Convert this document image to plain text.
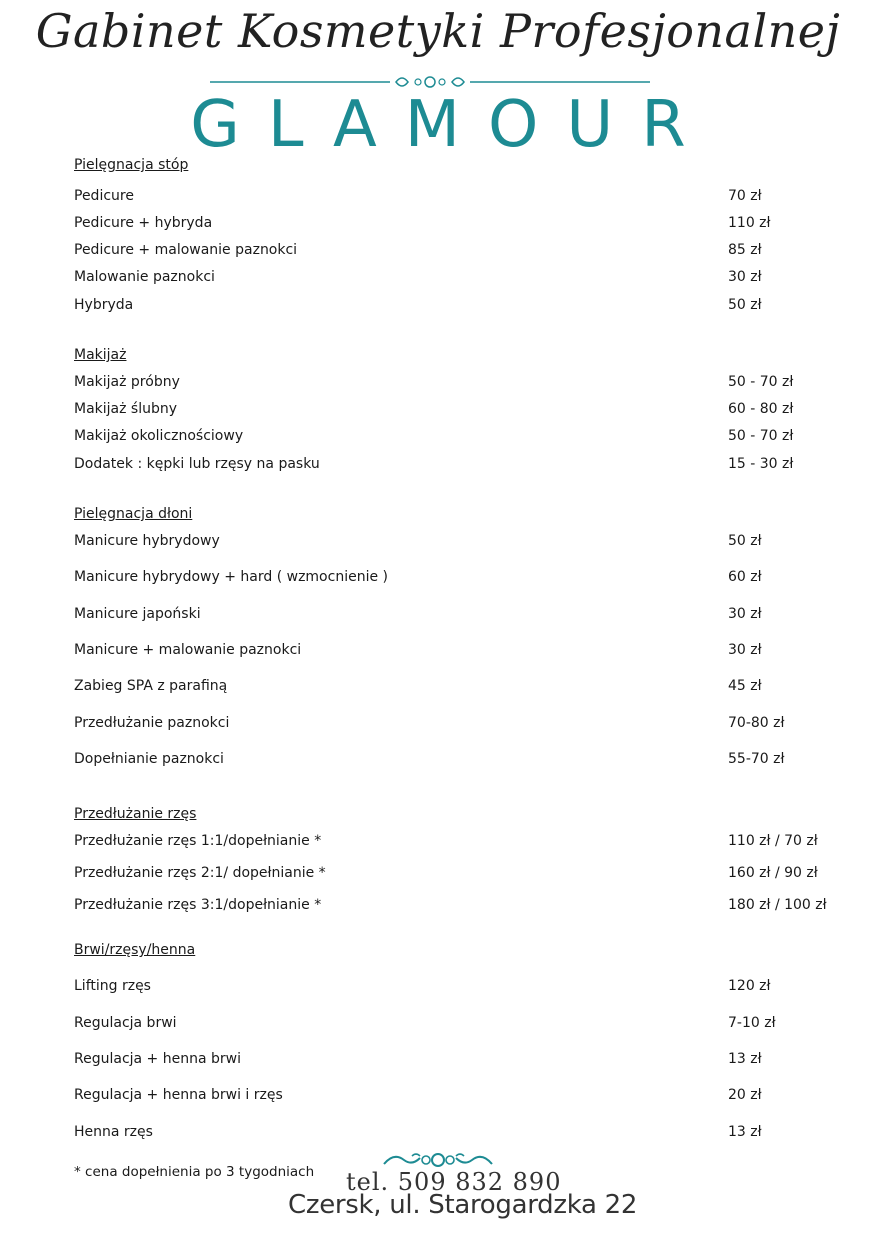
Gabinet Kosmetyki Profesjonalnej
GLAMOUR
Pielęgnacja stóp
Pedicure	70 zł
Pedicure + hybryda	110 zł
Pedicure + malowanie paznokci	85 zł
Malowanie paznokci	30 zł
Hybryda	50 zł
Makijaż
Makijaż próbny	50 - 70 zł
Makijaż ślubny	60 - 80 zł
Makijaż okolicznościowy	50 - 70 zł
Dodatek : kępki lub rzęsy na pasku	15 - 30 zł
Pielęgnacja dłoni
Manicure hybrydowy	50 zł
Manicure hybrydowy + hard ( wzmocnienie )	60 zł
Manicure japoński	30 zł
Manicure + malowanie paznokci	30 zł
Zabieg SPA z parafiną	45 zł
Przedłużanie paznokci	70-80 zł
Dopełnianie paznokci	55-70 zł
Przedłużanie rzęs
Przedłużanie rzęs 1:1/dopełnianie *	110 zł / 70 zł
Przedłużanie rzęs 2:1/ dopełnianie *	160 zł / 90 zł
Przedłużanie rzęs 3:1/dopełnianie *	180 zł / 100 zł
Brwi/rzęsy/henna
Lifting rzęs	120 zł
Regulacja brwi	7-10 zł
Regulacja + henna brwi	13 zł
Regulacja + henna brwi i rzęs	20 zł
Henna rzęs	13 zł
* cena dopełnienia po 3 tygodniach tel. 509 832 890
Czersk, ul. Starogardzka 22
